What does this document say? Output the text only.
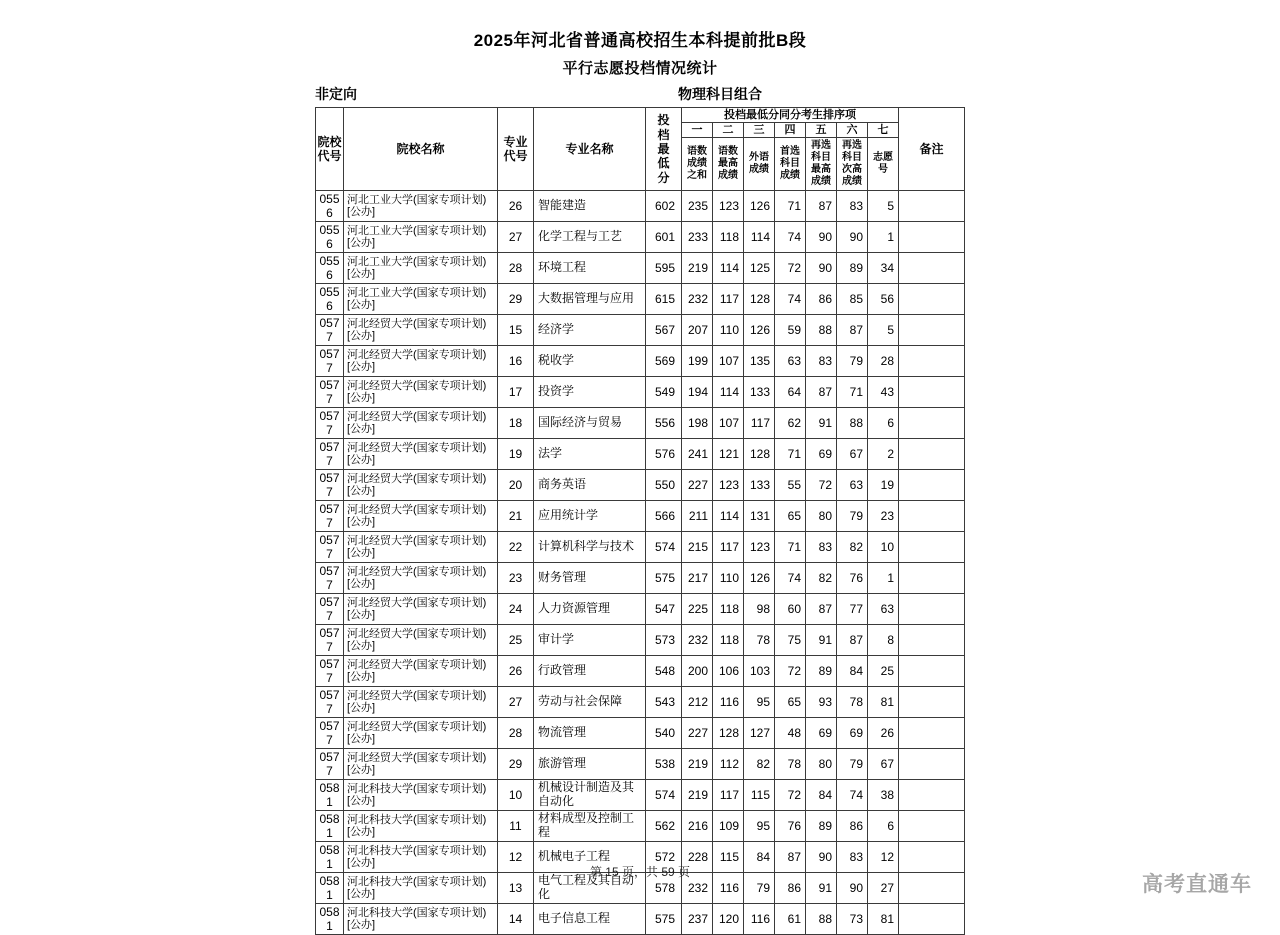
2025年河北省普通高校招生本科提前批B段
平行志愿投档情况统计
非定向	物理科目组合
院校代号	院校名称	专业代号	专业名称	投档最低分	投档最低分同分考生排序项							备注
					一	二	三	四	五	六	七	
					语数成绩之和	语数最高成绩	外语成绩	首选科目成绩	再选科目最高成绩	再选科目次高成绩	志愿号	
0556	河北工业大学(国家专项计划)[公办]	26	智能建造	602	235	123	126	71	87	83	5	
0556	河北工业大学(国家专项计划)[公办]	27	化学工程与工艺	601	233	118	114	74	90	90	1	
0556	河北工业大学(国家专项计划)[公办]	28	环境工程	595	219	114	125	72	90	89	34	
0556	河北工业大学(国家专项计划)[公办]	29	大数据管理与应用	615	232	117	128	74	86	85	56	
0577	河北经贸大学(国家专项计划)[公办]	15	经济学	567	207	110	126	59	88	87	5	
0577	河北经贸大学(国家专项计划)[公办]	16	税收学	569	199	107	135	63	83	79	28	
0577	河北经贸大学(国家专项计划)[公办]	17	投资学	549	194	114	133	64	87	71	43	
0577	河北经贸大学(国家专项计划)[公办]	18	国际经济与贸易	556	198	107	117	62	91	88	6	
0577	河北经贸大学(国家专项计划)[公办]	19	法学	576	241	121	128	71	69	67	2	
0577	河北经贸大学(国家专项计划)[公办]	20	商务英语	550	227	123	133	55	72	63	19	
0577	河北经贸大学(国家专项计划)[公办]	21	应用统计学	566	211	114	131	65	80	79	23	
0577	河北经贸大学(国家专项计划)[公办]	22	计算机科学与技术	574	215	117	123	71	83	82	10	
0577	河北经贸大学(国家专项计划)[公办]	23	财务管理	575	217	110	126	74	82	76	1	
0577	河北经贸大学(国家专项计划)[公办]	24	人力资源管理	547	225	118	98	60	87	77	63	
0577	河北经贸大学(国家专项计划)[公办]	25	审计学	573	232	118	78	75	91	87	8	
0577	河北经贸大学(国家专项计划)[公办]	26	行政管理	548	200	106	103	72	89	84	25	
0577	河北经贸大学(国家专项计划)[公办]	27	劳动与社会保障	543	212	116	95	65	93	78	81	
0577	河北经贸大学(国家专项计划)[公办]	28	物流管理	540	227	128	127	48	69	69	26	
0577	河北经贸大学(国家专项计划)[公办]	29	旅游管理	538	219	112	82	78	80	79	67	
0581	河北科技大学(国家专项计划)[公办]	10	机械设计制造及其自动化	574	219	117	115	72	84	74	38	
0581	河北科技大学(国家专项计划)[公办]	11	材料成型及控制工程	562	216	109	95	76	89	86	6	
0581	河北科技大学(国家专项计划)[公办]	12	机械电子工程	572	228	115	84	87	90	83	12	
0581	河北科技大学(国家专项计划)[公办]	13	电气工程及其自动化	578	232	116	79	86	91	90	27	
0581	河北科技大学(国家专项计划)[公办]	14	电子信息工程	575	237	120	116	61	88	73	81	
第 15 页，共 59 页
高考直通车
